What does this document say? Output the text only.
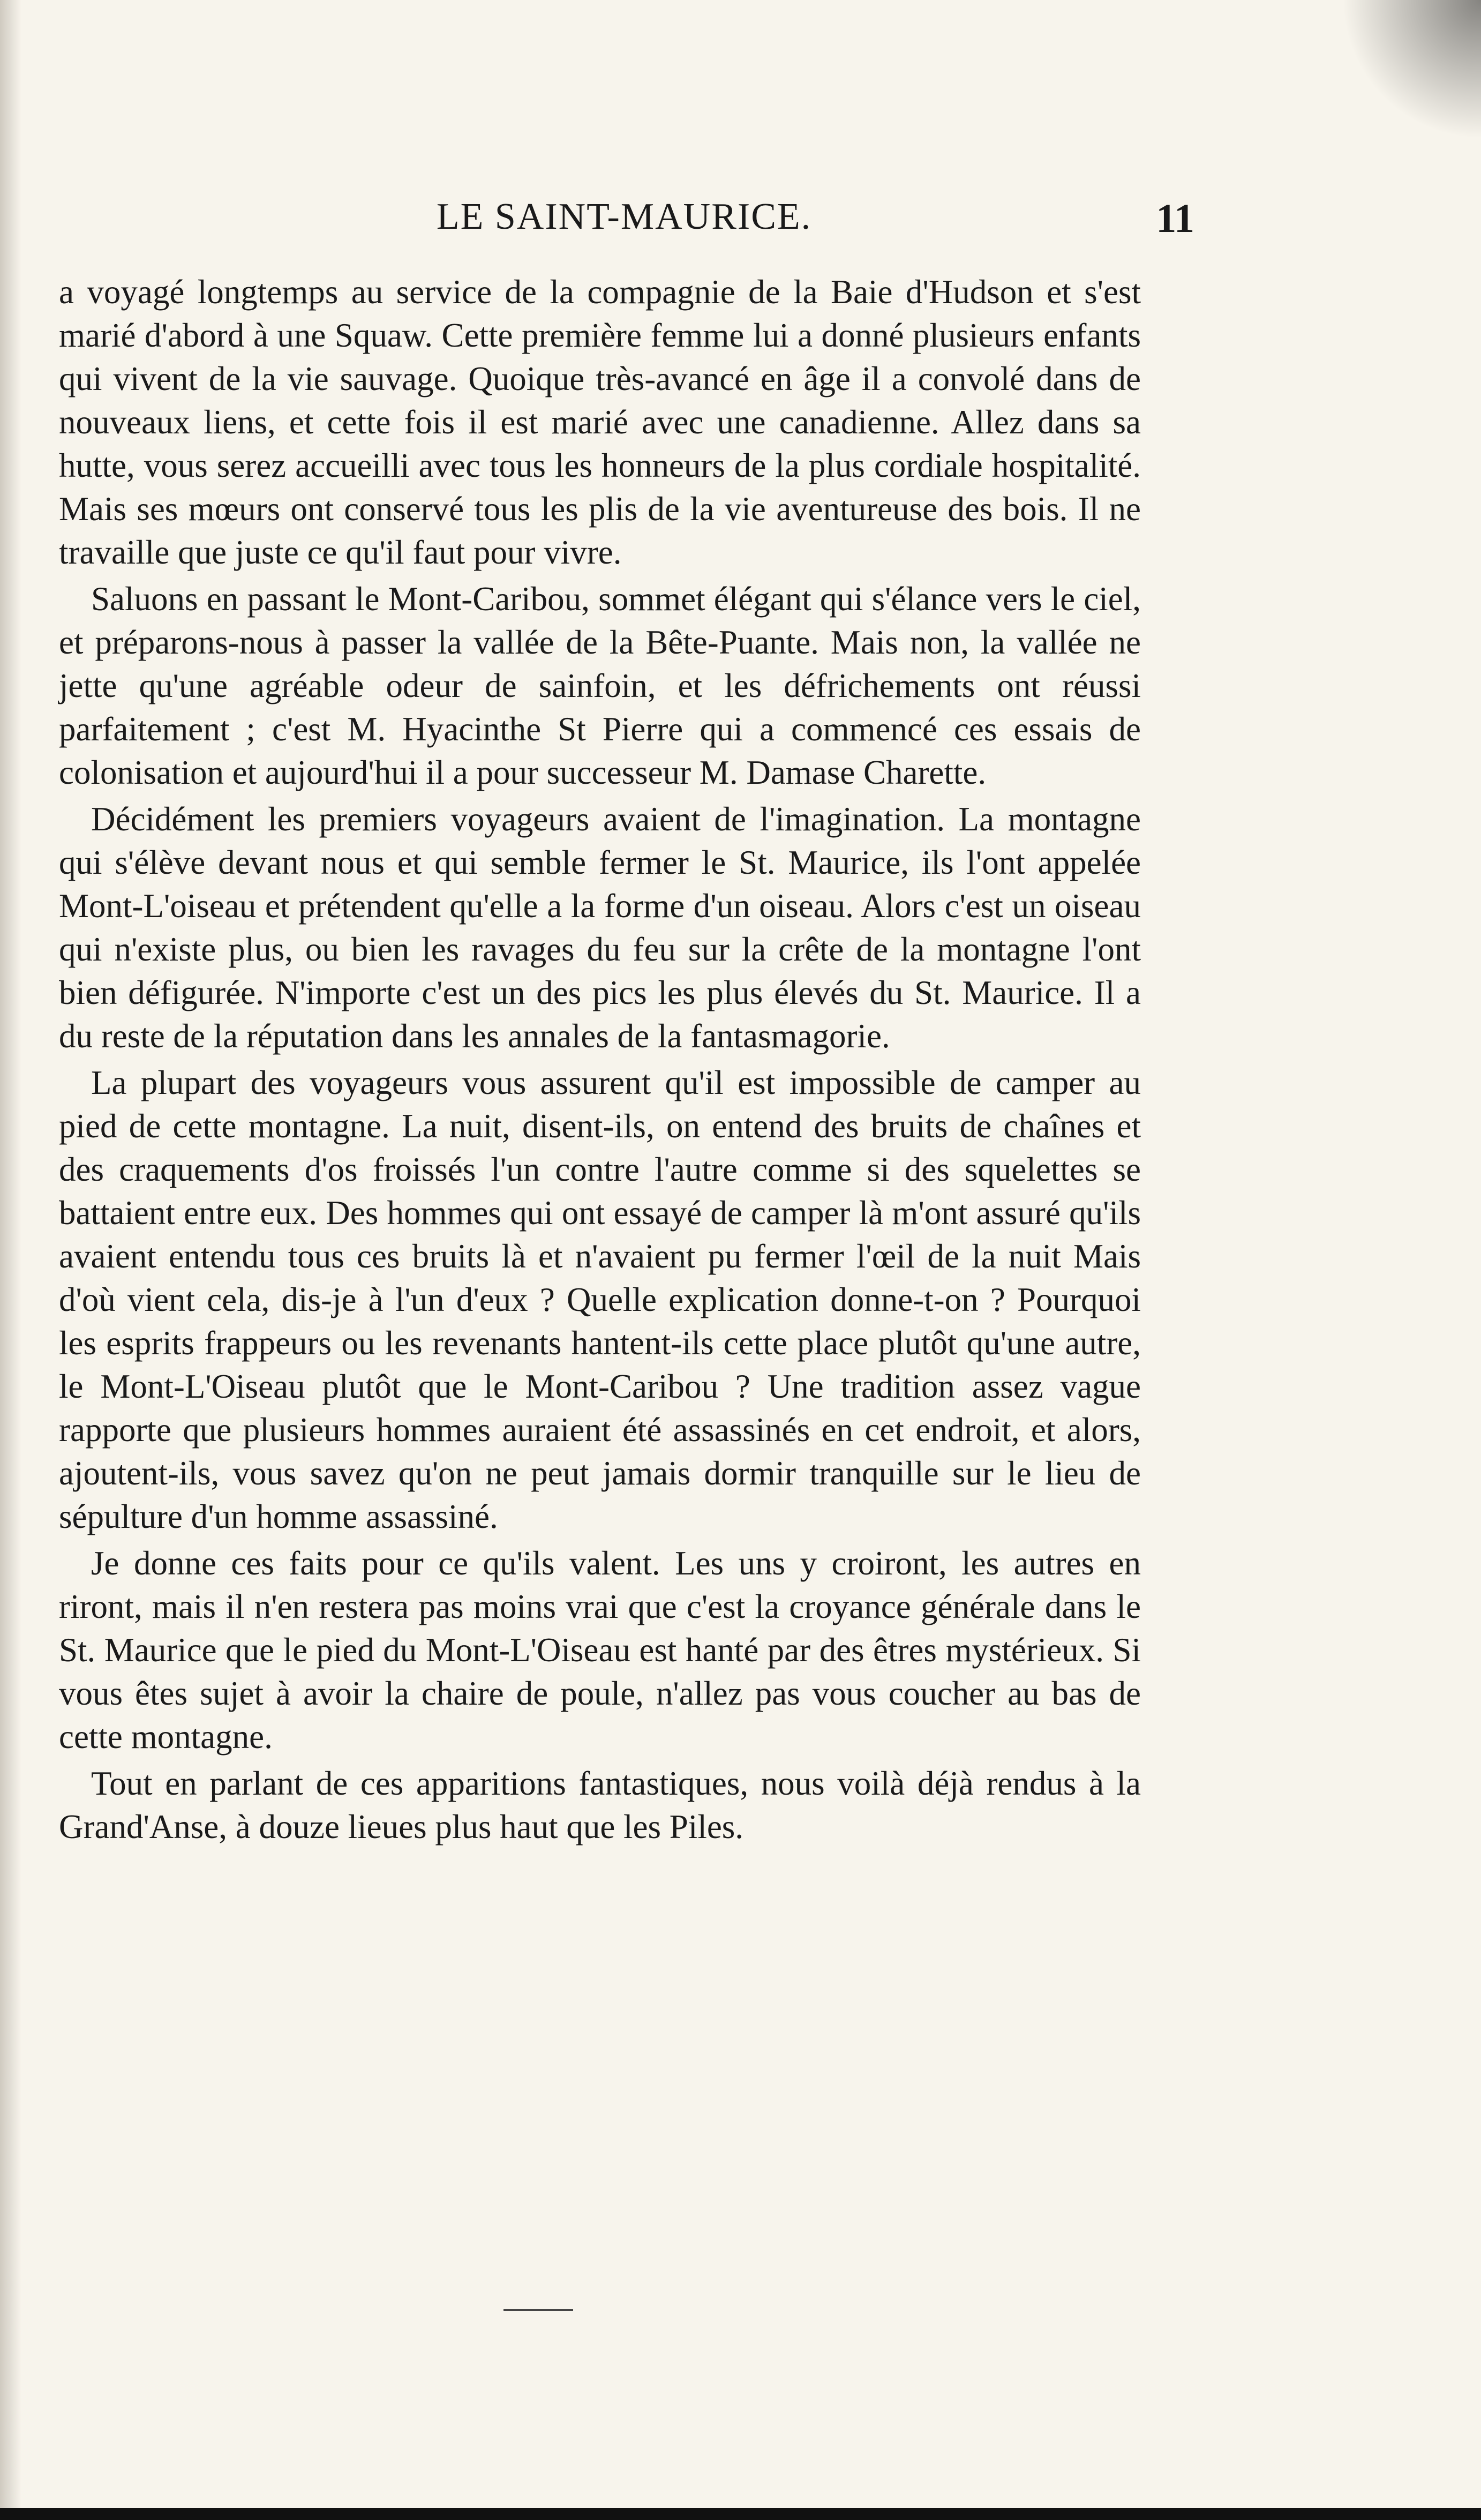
LE SAINT-MAURICE.	11

a voyagé longtemps au service de la compagnie de la Baie d'Hudson et s'est marié d'abord à une Squaw. Cette première femme lui a donné plusieurs enfants qui vivent de la vie sauvage. Quoique très-avancé en âge il a convolé dans de nouveaux liens, et cette fois il est marié avec une canadienne. Allez dans sa hutte, vous serez accueilli avec tous les honneurs de la plus cordiale hospitalité. Mais ses mœurs ont conservé tous les plis de la vie aventureuse des bois. Il ne travaille que juste ce qu'il faut pour vivre.

Saluons en passant le Mont-Caribou, sommet élégant qui s'élance vers le ciel, et préparons-nous à passer la vallée de la Bête-Puante. Mais non, la vallée ne jette qu'une agréable odeur de sainfoin, et les défrichements ont réussi parfaitement ; c'est M. Hyacinthe St Pierre qui a commencé ces essais de colonisation et aujourd'hui il a pour successeur M. Damase Charette.

Décidément les premiers voyageurs avaient de l'imagination. La montagne qui s'élève devant nous et qui semble fermer le St. Maurice, ils l'ont appelée Mont-L'oiseau et prétendent qu'elle a la forme d'un oiseau. Alors c'est un oiseau qui n'existe plus, ou bien les ravages du feu sur la crête de la montagne l'ont bien défigurée. N'importe c'est un des pics les plus élevés du St. Maurice. Il a du reste de la réputation dans les annales de la fantasmagorie.

La plupart des voyageurs vous assurent qu'il est impossible de camper au pied de cette montagne. La nuit, disent-ils, on entend des bruits de chaînes et des craquements d'os froissés l'un contre l'autre comme si des squelettes se battaient entre eux. Des hommes qui ont essayé de camper là m'ont assuré qu'ils avaient entendu tous ces bruits là et n'avaient pu fermer l'œil de la nuit Mais d'où vient cela, dis-je à l'un d'eux ? Quelle explication donne-t-on ? Pourquoi les esprits frappeurs ou les revenants hantent-ils cette place plutôt qu'une autre, le Mont-L'Oiseau plutôt que le Mont-Caribou ? Une tradition assez vague rapporte que plusieurs hommes auraient été assassinés en cet endroit, et alors, ajoutent-ils, vous savez qu'on ne peut jamais dormir tranquille sur le lieu de sépulture d'un homme assassiné.

Je donne ces faits pour ce qu'ils valent. Les uns y croiront, les autres en riront, mais il n'en restera pas moins vrai que c'est la croyance générale dans le St. Maurice que le pied du Mont-L'Oiseau est hanté par des êtres mystérieux. Si vous êtes sujet à avoir la chaire de poule, n'allez pas vous coucher au bas de cette montagne.

Tout en parlant de ces apparitions fantastiques, nous voilà déjà rendus à la Grand'Anse, à douze lieues plus haut que les Piles.
